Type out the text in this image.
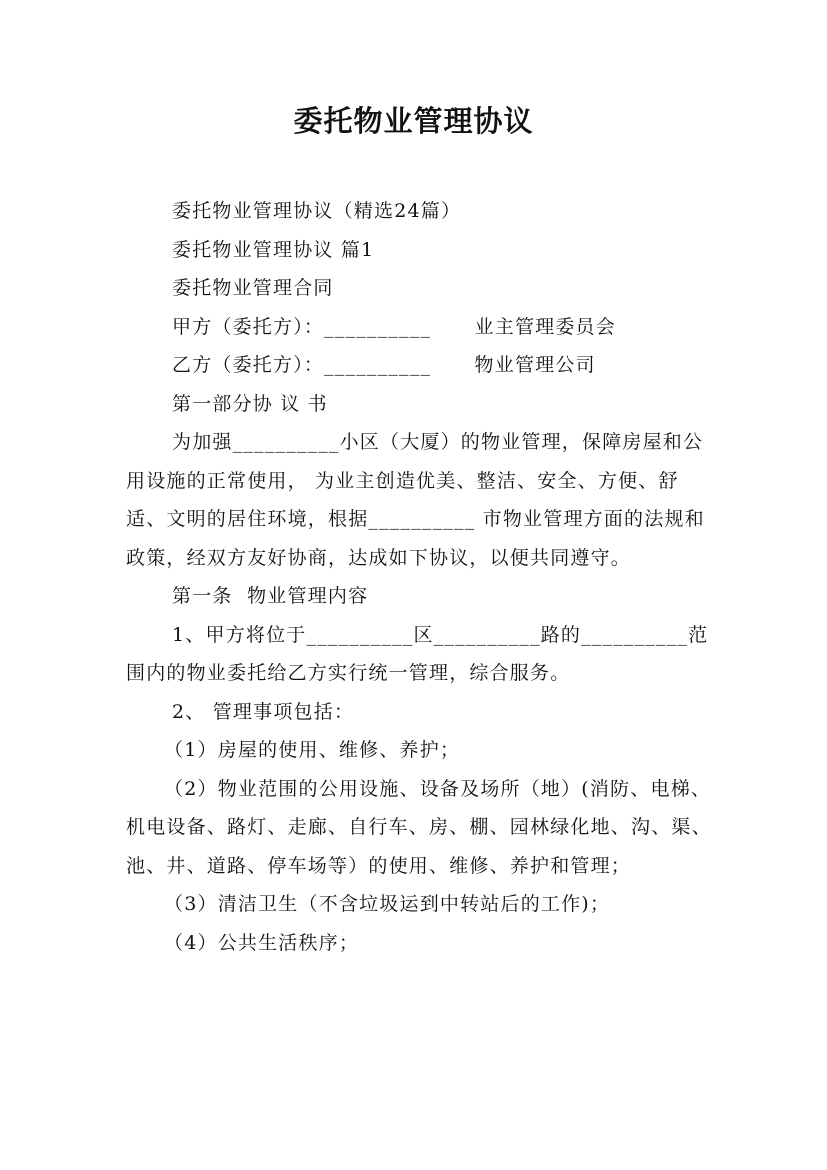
委托物业管理协议

委托物业管理协议（精选24篇）

委托物业管理协议 篇1

委托物业管理合同

甲方（委托方）：__________      业主管理委员会

乙方（委托方）：__________      物业管理公司

第一部分协 议 书

为加强__________小区（大厦）的物业管理，保障房屋和公用设施的正常使用， 为业主创造优美、整洁、安全、方便、舒适、文明的居住环境，根据__________ 市物业管理方面的法规和政策，经双方友好协商，达成如下协议，以便共同遵守。

第一条  物业管理内容

1、甲方将位于__________区__________路的__________范围内的物业委托给乙方实行统一管理，综合服务。

2、 管理事项包括：

（1）房屋的使用、维修、养护；

（2）物业范围的公用设施、设备及场所（地）(消防、电梯、机电设备、路灯、走廊、自行车、房、棚、园林绿化地、沟、渠、池、井、道路、停车场等）的使用、维修、养护和管理；

（3）清洁卫生（不含垃圾运到中转站后的工作)；

（4）公共生活秩序；
